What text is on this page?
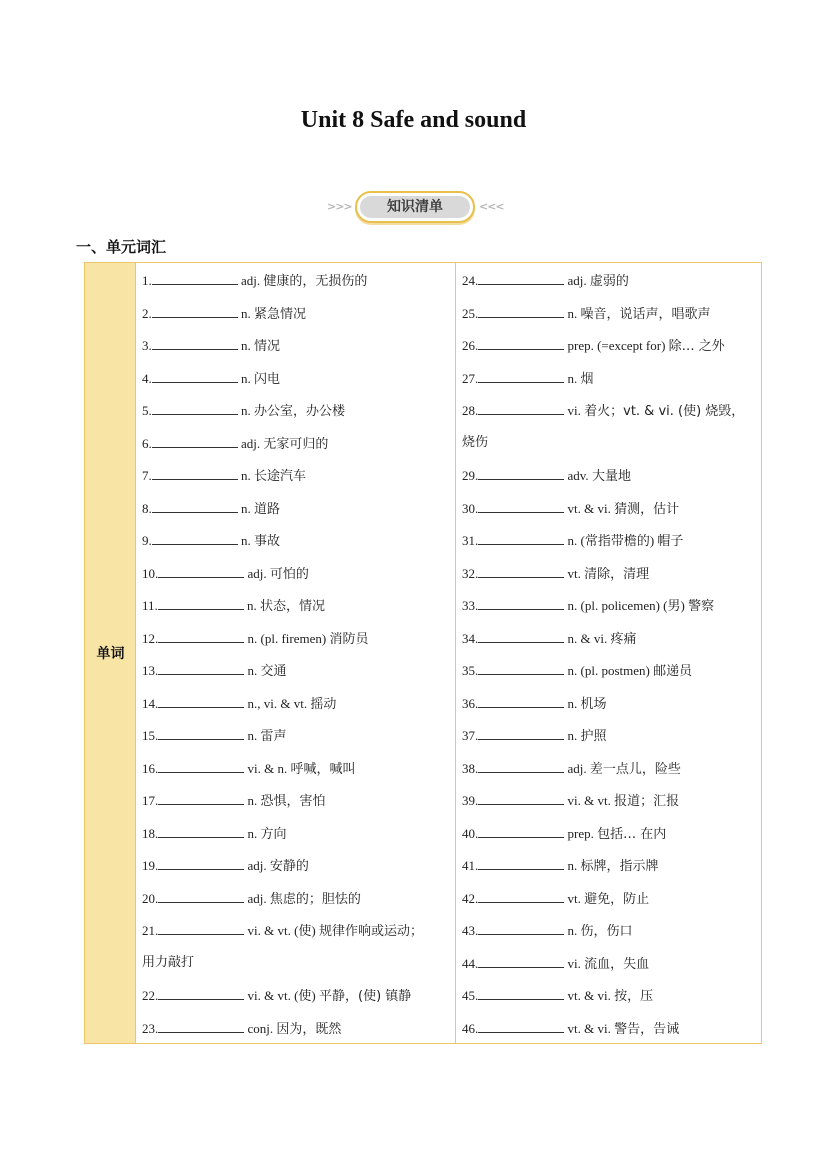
Unit 8 Safe and sound
>>>	知识清单	<<<
一、单元词汇
单词
1.	adj. 健康的，无损伤的
2.	n. 紧急情况
3.	n. 情况
4.	n. 闪电
5.	n. 办公室，办公楼
6.	adj. 无家可归的
7.	n. 长途汽车
8.	n. 道路
9.	n. 事故
10.	adj. 可怕的
11.	n. 状态，情况
12.	n. (pl. firemen) 消防员
13.	n. 交通
14.	n., vi. & vt. 摇动
15.	n. 雷声
16.	vi. & n. 呼喊，喊叫
17.	n. 恐惧，害怕
18.	n. 方向
19.	adj. 安静的
20.	adj. 焦虑的；胆怯的
21.	vi. & vt. (使) 规律作响或运动；
用力敲打
22.	vi. & vt. (使) 平静，(使) 镇静
23.	conj. 因为，既然
24.	adj. 虚弱的
25.	n. 噪音，说话声，唱歌声
26.	prep. (=except for) 除… 之外
27.	n. 烟
28.	vi. 着火；vt. & vi. (使) 烧毁，
烧伤
29.	adv. 大量地
30.	vt. & vi. 猜测，估计
31.	n. (常指带檐的) 帽子
32.	vt. 清除，清理
33.	n. (pl. policemen) (男) 警察
34.	n. & vi. 疼痛
35.	n. (pl. postmen) 邮递员
36.	n. 机场
37.	n. 护照
38.	adj. 差一点儿，险些
39.	vi. & vt. 报道；汇报
40.	prep. 包括… 在内
41.	n. 标牌，指示牌
42.	vt. 避免，防止
43.	n. 伤，伤口
44.	vi. 流血，失血
45.	vt. & vi. 按，压
46.	vt. & vi. 警告，告诫
